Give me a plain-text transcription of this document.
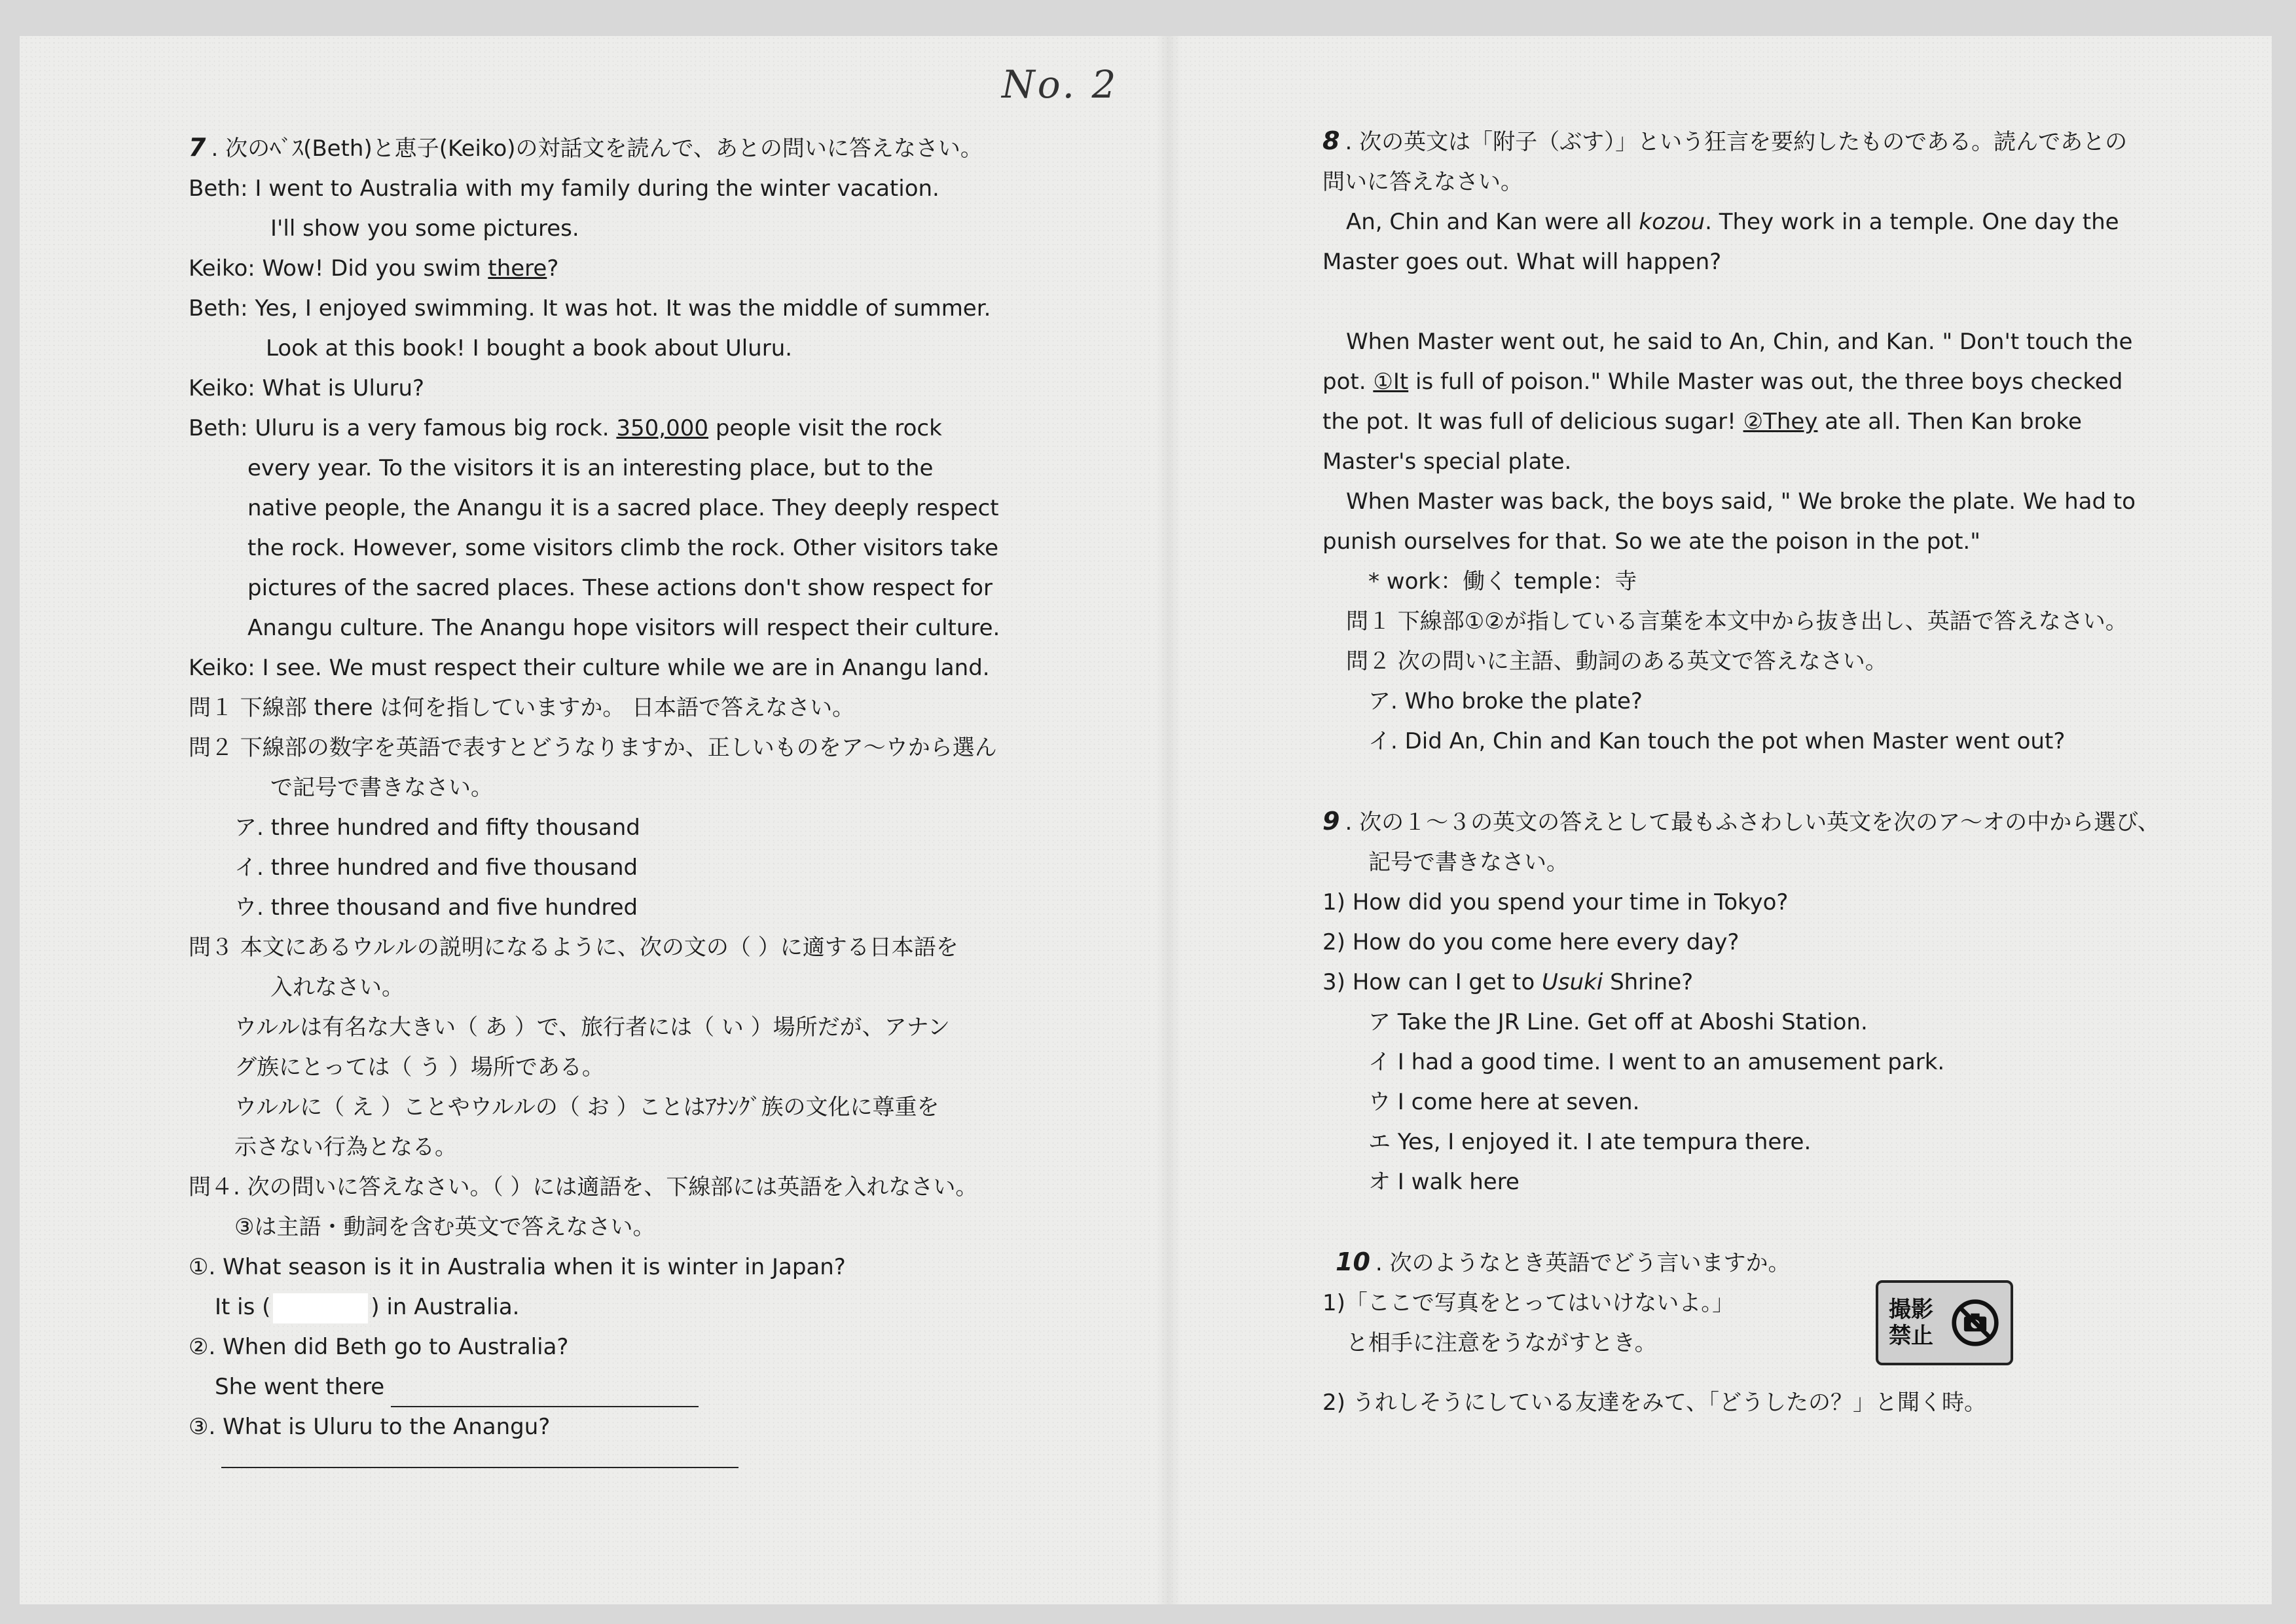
No. 2
7 . 次のﾍﾞｽ(Beth)と恵子(Keiko)の対話文を読んで、あとの問いに答えなさい。
Beth: I went to Australia with my family during the winter vacation.
I'll show you some pictures.
Keiko: Wow! Did you swim there?
Beth: Yes, I enjoyed swimming. It was hot. It was the middle of summer.
Look at this book! I bought a book about Uluru.
Keiko: What is Uluru?
Beth: Uluru is a very famous big rock. 350,000 people visit the rock
every year. To the visitors it is an interesting place, but to the
native people, the Anangu it is a sacred place. They deeply respect
the rock. However, some visitors climb the rock. Other visitors take
pictures of the sacred places. These actions don't show respect for
Anangu culture. The Anangu hope visitors will respect their culture.
Keiko: I see. We must respect their culture while we are in Anangu land.
問１ 下線部 there は何を指していますか。 日本語で答えなさい。
問２ 下線部の数字を英語で表すとどうなりますか、正しいものをア～ウから選ん
で記号で書きなさい。
ア. three hundred and fifty thousand
イ. three hundred and five thousand
ウ. three thousand and five hundred
問３ 本文にあるウルルの説明になるように、次の文の（ ）に適する日本語を
入れなさい。
ウルルは有名な大きい（ あ ）で、旅行者には（ い ）場所だが、アナン
グ族にとっては（ う ）場所である。
ウルルに（ え ）ことやウルルの（ お ）ことはｱﾅﾝｸﾞ族の文化に尊重を
示さない行為となる。
問４. 次の問いに答えなさい。（ ）には適語を、下線部には英語を入れなさい。
③は主語・動詞を含む英文で答えなさい。
①. What season is it in Australia when it is winter in Japan?
It is (	) in Australia.
②. When did Beth go to Australia?
She went there
③. What is Uluru to the Anangu?
8 . 次の英文は「附子（ぶす）」という狂言を要約したものである。読んであとの
問いに答えなさい。
An, Chin and Kan were all kozou. They work in a temple. One day the
Master goes out. What will happen?
When Master went out, he said to An, Chin, and Kan. " Don't touch the
pot. ①It is full of poison." While Master was out, the three boys checked
the pot. It was full of delicious sugar! ②They ate all. Then Kan broke
Master's special plate.
When Master was back, the boys said, " We broke the plate. We had to
punish ourselves for that. So we ate the poison in the pot."
* work：働く temple：寺
問１ 下線部①②が指している言葉を本文中から抜き出し、英語で答えなさい。
問２ 次の問いに主語、動詞のある英文で答えなさい。
ア. Who broke the plate?
イ. Did An, Chin and Kan touch the pot when Master went out?
9 . 次の１～３の英文の答えとして最もふさわしい英文を次のア～オの中から選び、
記号で書きなさい。
1) How did you spend your time in Tokyo?
2) How do you come here every day?
3) How can I get to Usuki Shrine?
ア Take the JR Line. Get off at Aboshi Station.
イ I had a good time. I went to an amusement park.
ウ I come here at seven.
エ Yes, I enjoyed it. I ate tempura there.
オ I walk here
10 . 次のようなとき英語でどう言いますか。
1)「ここで写真をとってはいけないよ。」
と相手に注意をうながすとき。
2) うれしそうにしている友達をみて、「どうしたの？」と聞く時。
撮影
禁止
